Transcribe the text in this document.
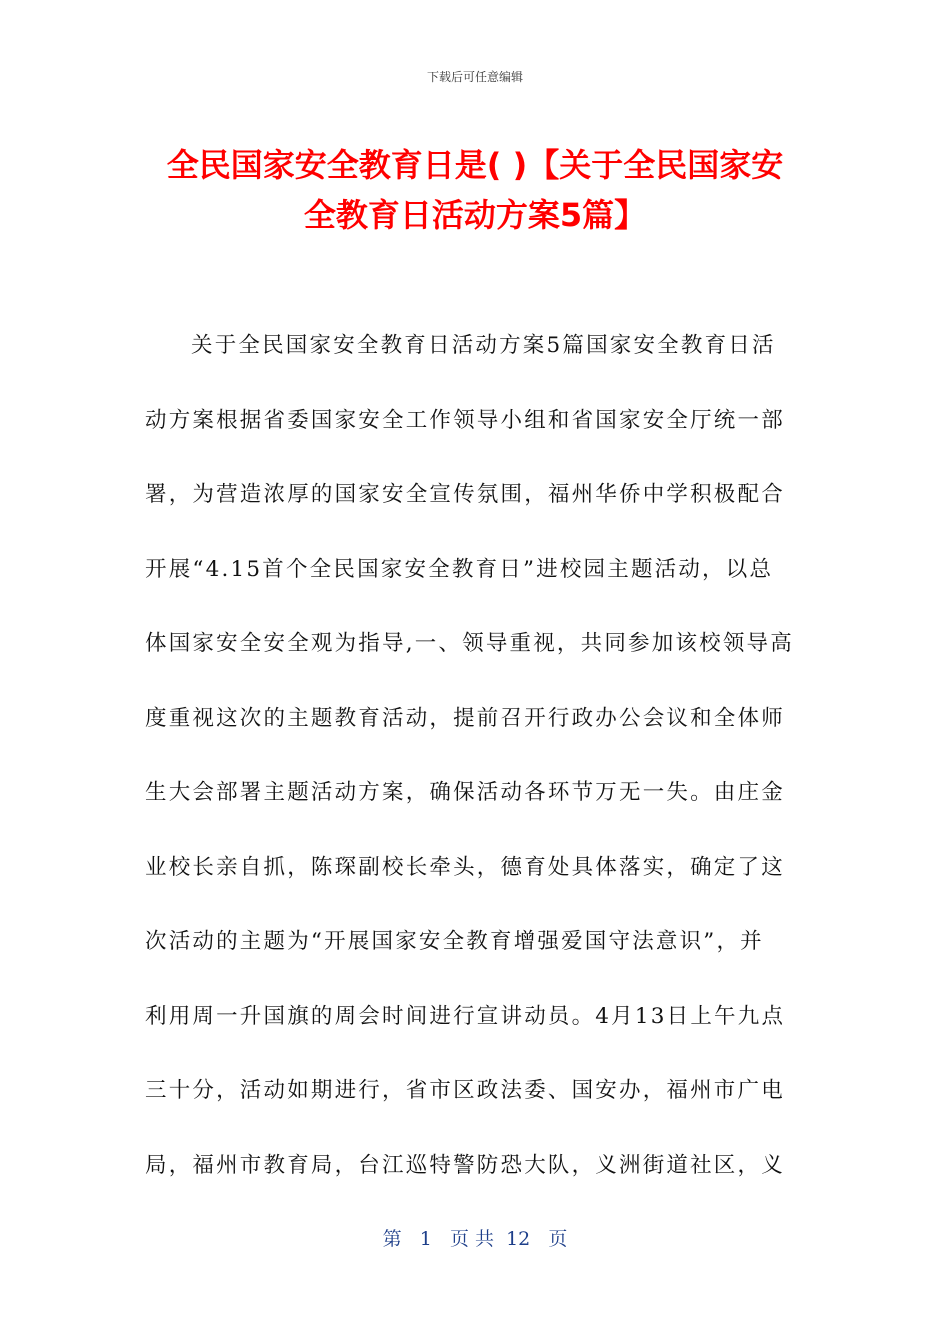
下载后可任意编辑
全民国家安全教育日是( )【关于全民国家安
全教育日活动方案5篇】
关于全民国家安全教育日活动方案5篇国家安全教育日活
动方案根据省委国家安全工作领导小组和省国家安全厅统一部
署，为营造浓厚的国家安全宣传氛围，福州华侨中学积极配合
开展“4.15首个全民国家安全教育日”进校园主题活动，以总
体国家安全安全观为指导,一、领导重视，共同参加该校领导高
度重视这次的主题教育活动，提前召开行政办公会议和全体师
生大会部署主题活动方案，确保活动各环节万无一失。由庄金
业校长亲自抓，陈琛副校长牵头，德育处具体落实，确定了这
次活动的主题为“开展国家安全教育增强爱国守法意识”，并
利用周一升国旗的周会时间进行宣讲动员。4月13日上午九点
三十分，活动如期进行，省市区政法委、国安办，福州市广电
局，福州市教育局，台江巡特警防恐大队，义洲街道社区，义
第   1   页 共  12   页
